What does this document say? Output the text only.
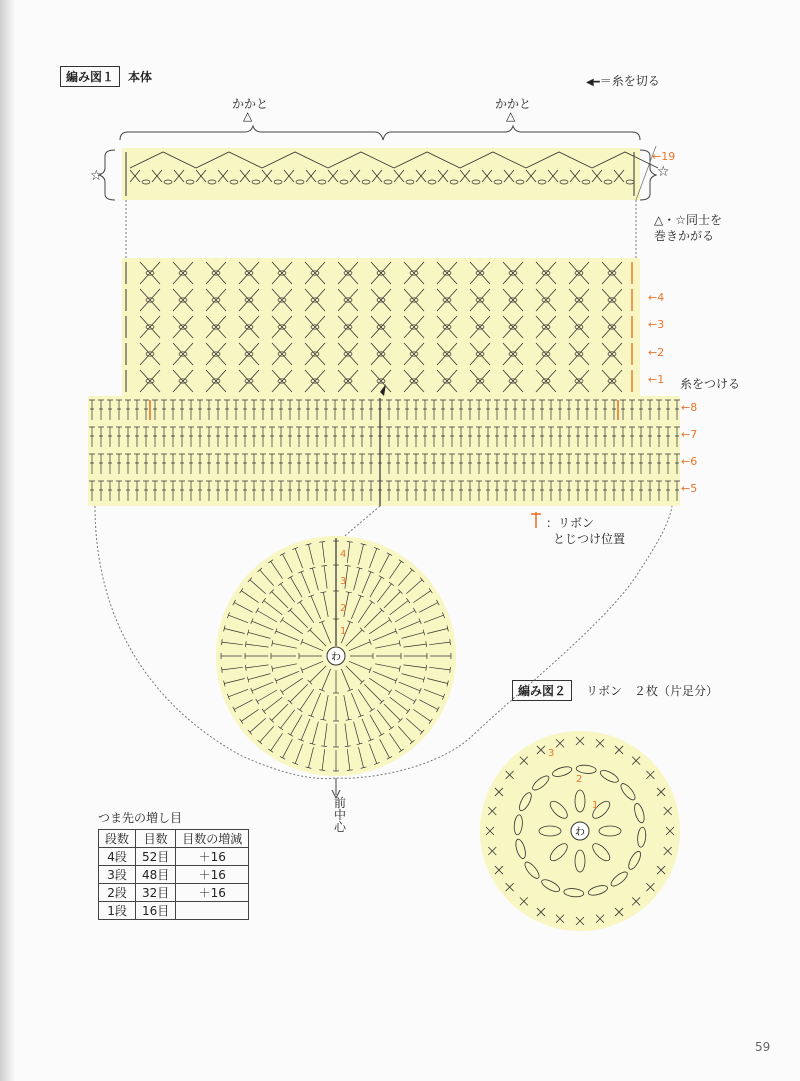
編み図１	本体	◀━＝糸を切る
かかと	かかと
△	△
☆	☆
←19
△・☆同士を
巻きかがる
←4
←3
←2
←1 糸をつける
←8
←7
←6
←5
：リボン
とじつけ位置
前
中
心
編み図２	リボン　２枚（片足分）
つま先の増し目
段数	目数	目数の増減
4段	52目	＋16
3段	48目	＋16
2段	32目	＋16
1段	16目	
59
わ
4
3
2
1
わ
3
2
1
